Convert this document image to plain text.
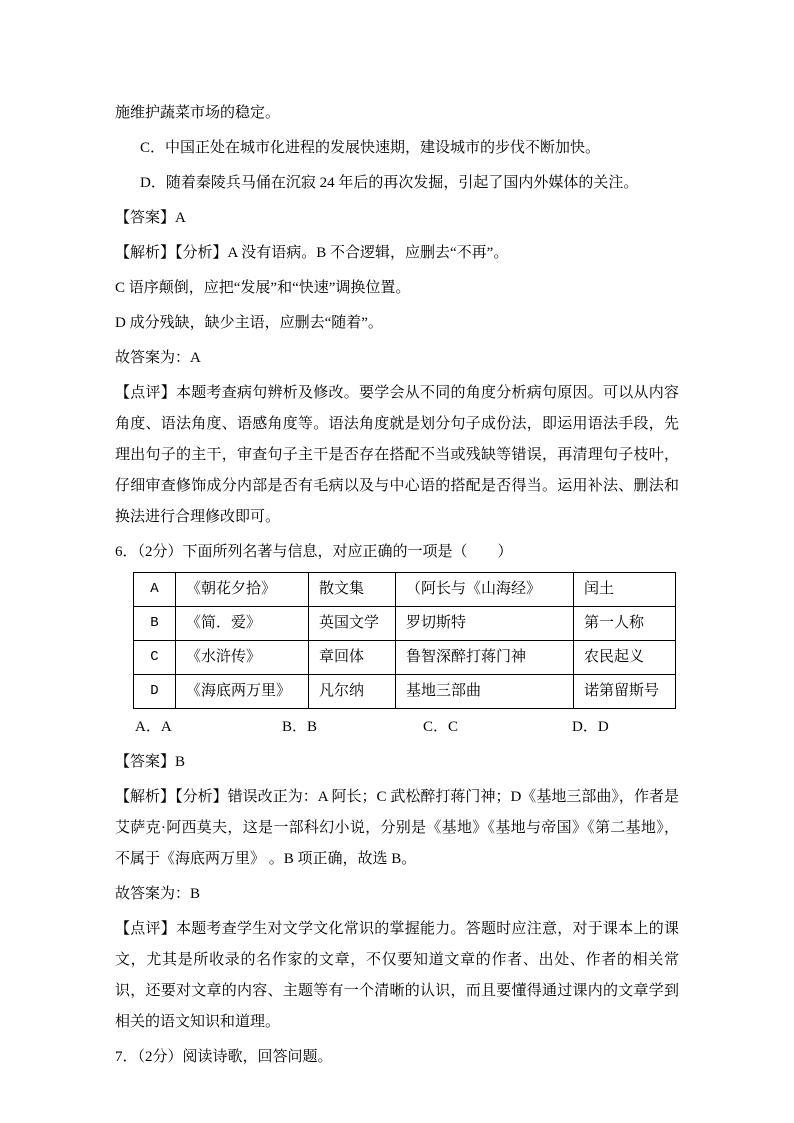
施维护蔬菜市场的稳定。

C．中国正处在城市化进程的发展快速期，建设城市的步伐不断加快。

D．随着秦陵兵马俑在沉寂 24 年后的再次发掘，引起了国内外媒体的关注。

【答案】A

【解析】【分析】A 没有语病。B 不合逻辑，应删去“不再”。

C 语序颠倒，应把“发展”和“快速”调换位置。

D 成分残缺，缺少主语，应删去“随着”。

故答案为：A

【点评】本题考查病句辨析及修改。要学会从不同的角度分析病句原因。可以从内容角度、语法角度、语感角度等。语法角度就是划分句子成份法，即运用语法手段，先理出句子的主干，审查句子主干是否存在搭配不当或残缺等错误，再清理句子枝叶，仔细审查修饰成分内部是否有毛病以及与中心语的搭配是否得当。运用补法、删法和换法进行合理修改即可。

6．（2分）下面所列名著与信息，对应正确的一项是（　　）

A	《朝花夕拾》	散文集	（阿长与《山海经》	闰土
B	《简．爱》	英国文学	罗切斯特	第一人称
C	《水浒传》	章回体	鲁智深醉打蒋门神	农民起义
D	《海底两万里》	凡尔纳	基地三部曲	诺第留斯号
A．A	B．B	C．C	D．D

【答案】B

【解析】【分析】错误改正为：A 阿长；C 武松醉打蒋门神；D《基地三部曲》，作者是艾萨克·阿西莫夫，这是一部科幻小说，分别是《基地》《基地与帝国》《第二基地》，不属于《海底两万里》 。B 项正确，故选 B。

故答案为：B

【点评】本题考查学生对文学文化常识的掌握能力。答题时应注意，对于课本上的课文，尤其是所收录的名作家的文章，不仅要知道文章的作者、出处、作者的相关常识，还要对文章的内容、主题等有一个清晰的认识，而且要懂得通过课内的文章学到相关的语文知识和道理。

7．（2分）阅读诗歌，回答问题。
